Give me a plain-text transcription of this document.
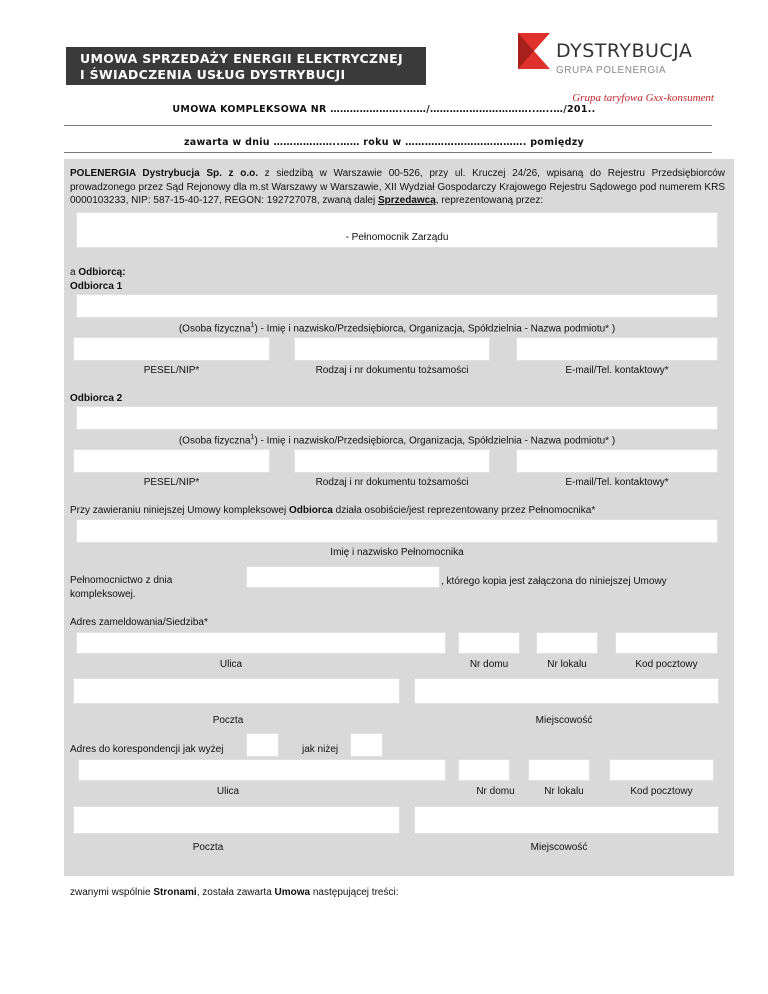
UMOWA SPRZEDAŻY ENERGII ELEKTRYCZNEJ
I ŚWIADCZENIA USŁUG DYSTRYBUCJI
DYSTRYBUCJA
GRUPA POLENERGIA
Grupa taryfowa Gxx-konsument
UMOWA KOMPLEKSOWA NR …………………..……/…………………………..…..…/201..
zawarta w dniu ………………..…… roku w ………………………………. pomiędzy
POLENERGIA Dystrybucja Sp. z o.o. z siedzibą w Warszawie 00-526, przy ul. Kruczej 24/26, wpisaną do Rejestru Przedsiębiorców prowadzonego przez Sąd Rejonowy dla m.st Warszawy w Warszawie, XII Wydział Gospodarczy Krajowego Rejestru Sądowego pod numerem KRS 0000103233, NIP: 587-15-40-127, REGON: 192727078, zwaną dalej Sprzedawcą, reprezentowaną przez:
- Pełnomocnik Zarządu
a Odbiorcą:
Odbiorca 1
(Osoba fizyczna$^1$) - Imię i nazwisko/Przedsiębiorca, Organizacja, Spółdzielnia - Nazwa podmiotu* )
PESEL/NIP*	Rodzaj i nr dokumentu tożsamości	E-mail/Tel. kontaktowy*
Odbiorca 2
(Osoba fizyczna$^1$) - Imię i nazwisko/Przedsiębiorca, Organizacja, Spółdzielnia - Nazwa podmiotu* )
PESEL/NIP*	Rodzaj i nr dokumentu tożsamości	E-mail/Tel. kontaktowy*
Przy zawieraniu niniejszej Umowy kompleksowej Odbiorca działa osobiście/jest reprezentowany przez Pełnomocnika*
Imię i nazwisko Pełnomocnika
Pełnomocnictwo z dnia
kompleksowej.
, którego kopia jest załączona do niniejszej Umowy
Adres zameldowania/Siedziba*
Ulica	Nr domu	Nr lokalu	Kod pocztowy
Poczta	Miejscowość
Adres do korespondencji jak wyżej	jak niżej
Ulica	Nr domu	Nr lokalu	Kod pocztowy
Poczta	Miejscowość
zwanymi wspólnie Stronami, została zawarta Umowa następującej treści:
